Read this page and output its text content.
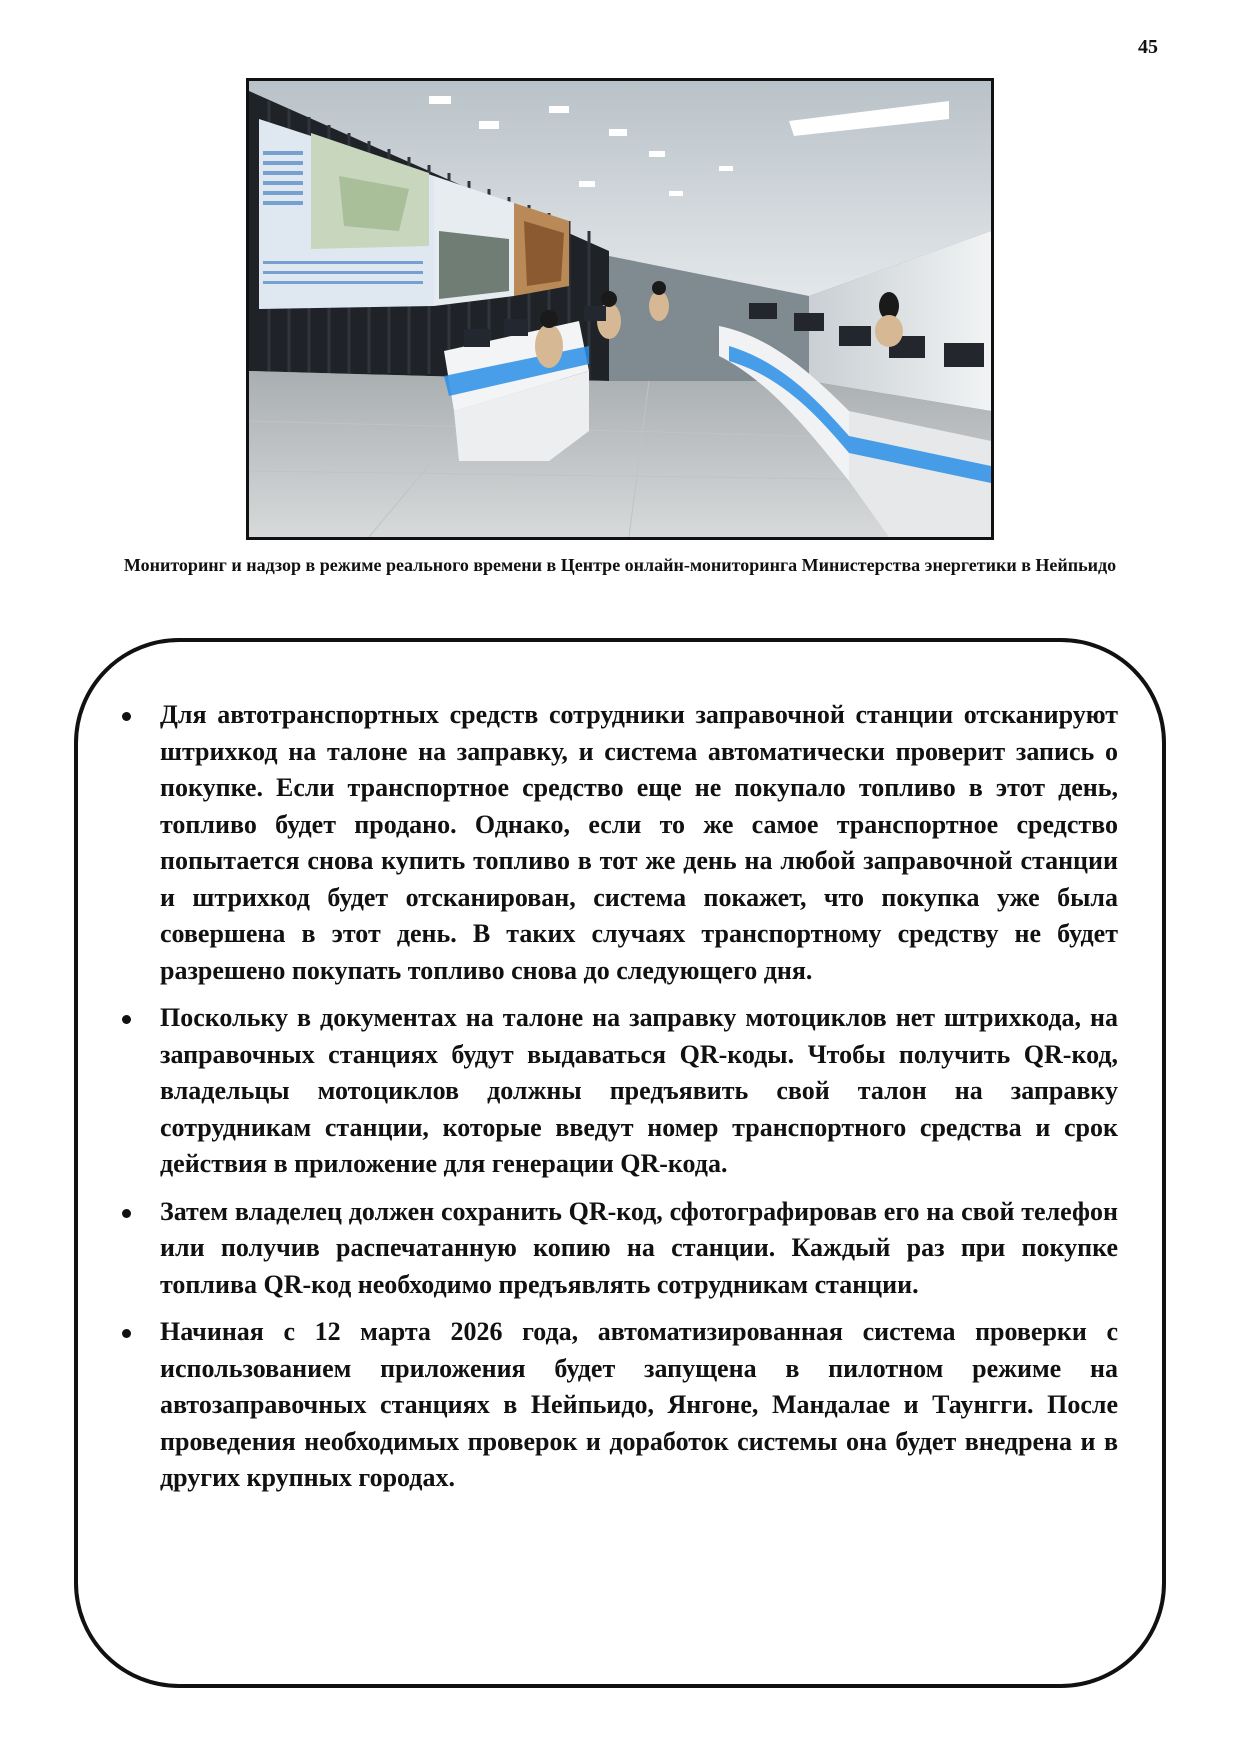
45
Мониторинг и надзор в режиме реального времени в Центре онлайн-мониторинга Министерства энергетики в Нейпьидо
Для автотранспортных средств сотрудники заправочной станции отсканируют штрихкод на талоне на заправку, и система автоматически проверит запись о покупке. Если транспортное средство еще не покупало топливо в этот день, топливо будет продано. Однако, если то же самое транспортное средство попытается снова купить топливо в тот же день на любой заправочной станции и штрихкод будет отсканирован, система покажет, что покупка уже была совершена в этот день. В таких случаях транспортному средству не будет разрешено покупать топливо снова до следующего дня.
Поскольку в документах на талоне на заправку мотоциклов нет штрихкода, на заправочных станциях будут выдаваться QR-коды. Чтобы получить QR-код, владельцы мотоциклов должны предъявить свой талон на заправку сотрудникам станции, которые введут номер транспортного средства и срок действия в приложение для генерации QR-кода.
Затем владелец должен сохранить QR-код, сфотографировав его на свой телефон или получив распечатанную копию на станции. Каждый раз при покупке топлива QR-код необходимо предъявлять сотрудникам станции.
Начиная с 12 марта 2026 года, автоматизированная система проверки с использованием приложения будет запущена в пилотном режиме на автозаправочных станциях в Нейпьидо, Янгоне, Мандалае и Таунгги. После проведения необходимых проверок и доработок системы она будет внедрена и в других крупных городах.
